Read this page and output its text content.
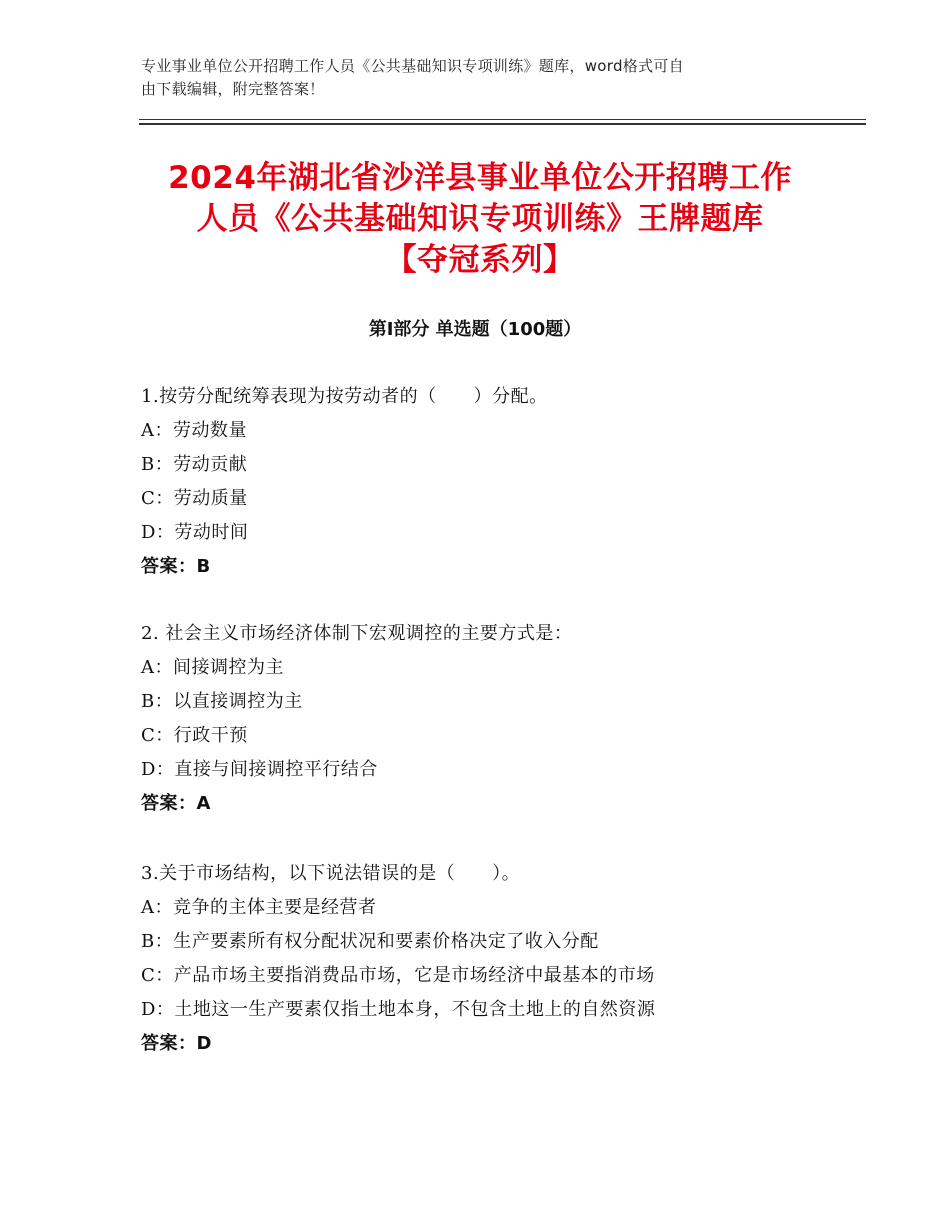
专业事业单位公开招聘工作人员《公共基础知识专项训练》题库，word格式可自
由下载编辑，附完整答案！
2024年湖北省沙洋县事业单位公开招聘工作
人员《公共基础知识专项训练》王牌题库
【夺冠系列】
第Ⅰ部分 单选题（100题）
1.按劳分配统筹表现为按劳动者的（　　）分配。
A：劳动数量
B：劳动贡献
C：劳动质量
D：劳动时间
答案：B
2. 社会主义市场经济体制下宏观调控的主要方式是：
A：间接调控为主
B：以直接调控为主
C：行政干预
D：直接与间接调控平行结合
答案：A
3.关于市场结构，以下说法错误的是（　　）。
A：竞争的主体主要是经营者
B：生产要素所有权分配状况和要素价格决定了收入分配
C：产品市场主要指消费品市场，它是市场经济中最基本的市场
D：土地这一生产要素仅指土地本身，不包含土地上的自然资源
答案：D
